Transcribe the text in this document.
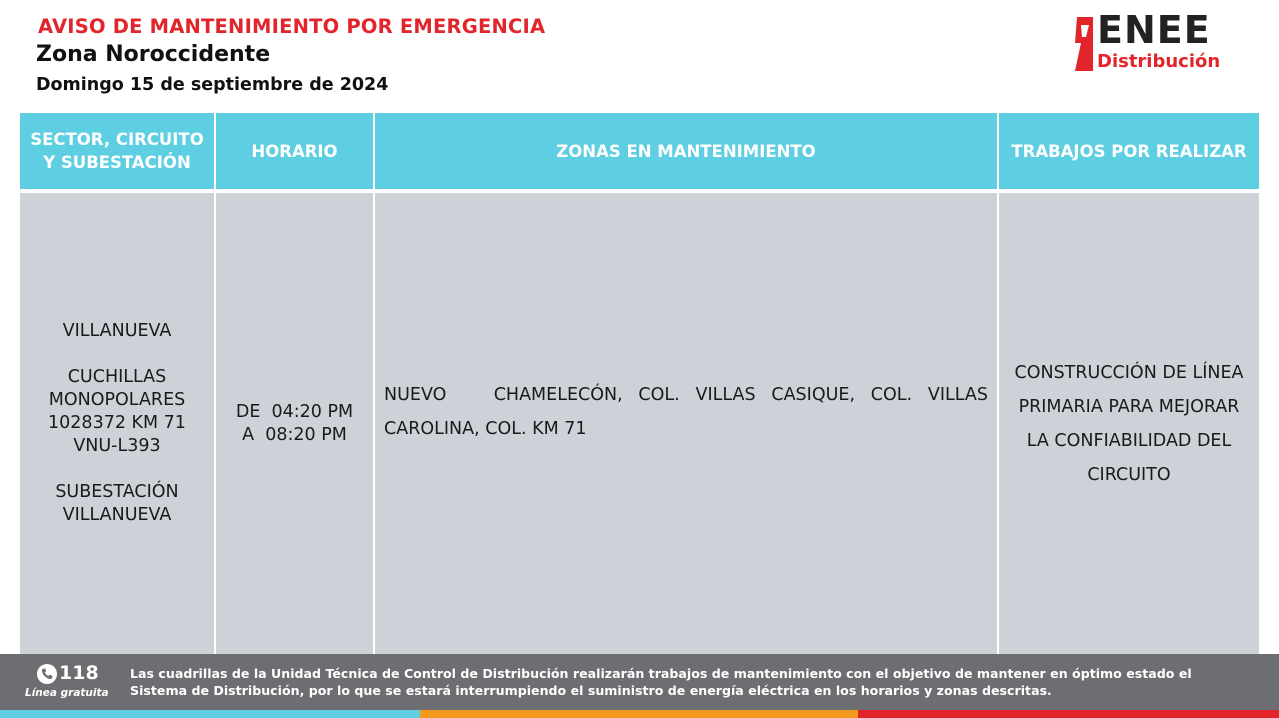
AVISO DE MANTENIMIENTO POR EMERGENCIA
Zona Noroccidente
Domingo 15 de septiembre de 2024
ENEE
Distribución
SECTOR, CIRCUITO Y SUBESTACIÓN
HORARIO	ZONAS EN MANTENIMIENTO	TRABAJOS POR REALIZAR
VILLANUEVA

CUCHILLAS
MONOPOLARES
1028372 KM 71
VNU-L393

SUBESTACIÓN
VILLANUEVA
DE  04:20 PM
A  08:20 PM
NUEVO   CHAMELECÓN, COL. VILLAS CASIQUE, COL. VILLAS CAROLINA, COL. KM 71
CONSTRUCCIÓN DE LÍNEA PRIMARIA PARA MEJORAR LA CONFIABILIDAD DEL CIRCUITO
118
Línea gratuita
Las cuadrillas de la Unidad Técnica de Control de Distribución realizarán trabajos de mantenimiento con el objetivo de mantener en óptimo estado el Sistema de Distribución, por lo que se estará interrumpiendo el suministro de energía eléctrica en los horarios y zonas descritas.
